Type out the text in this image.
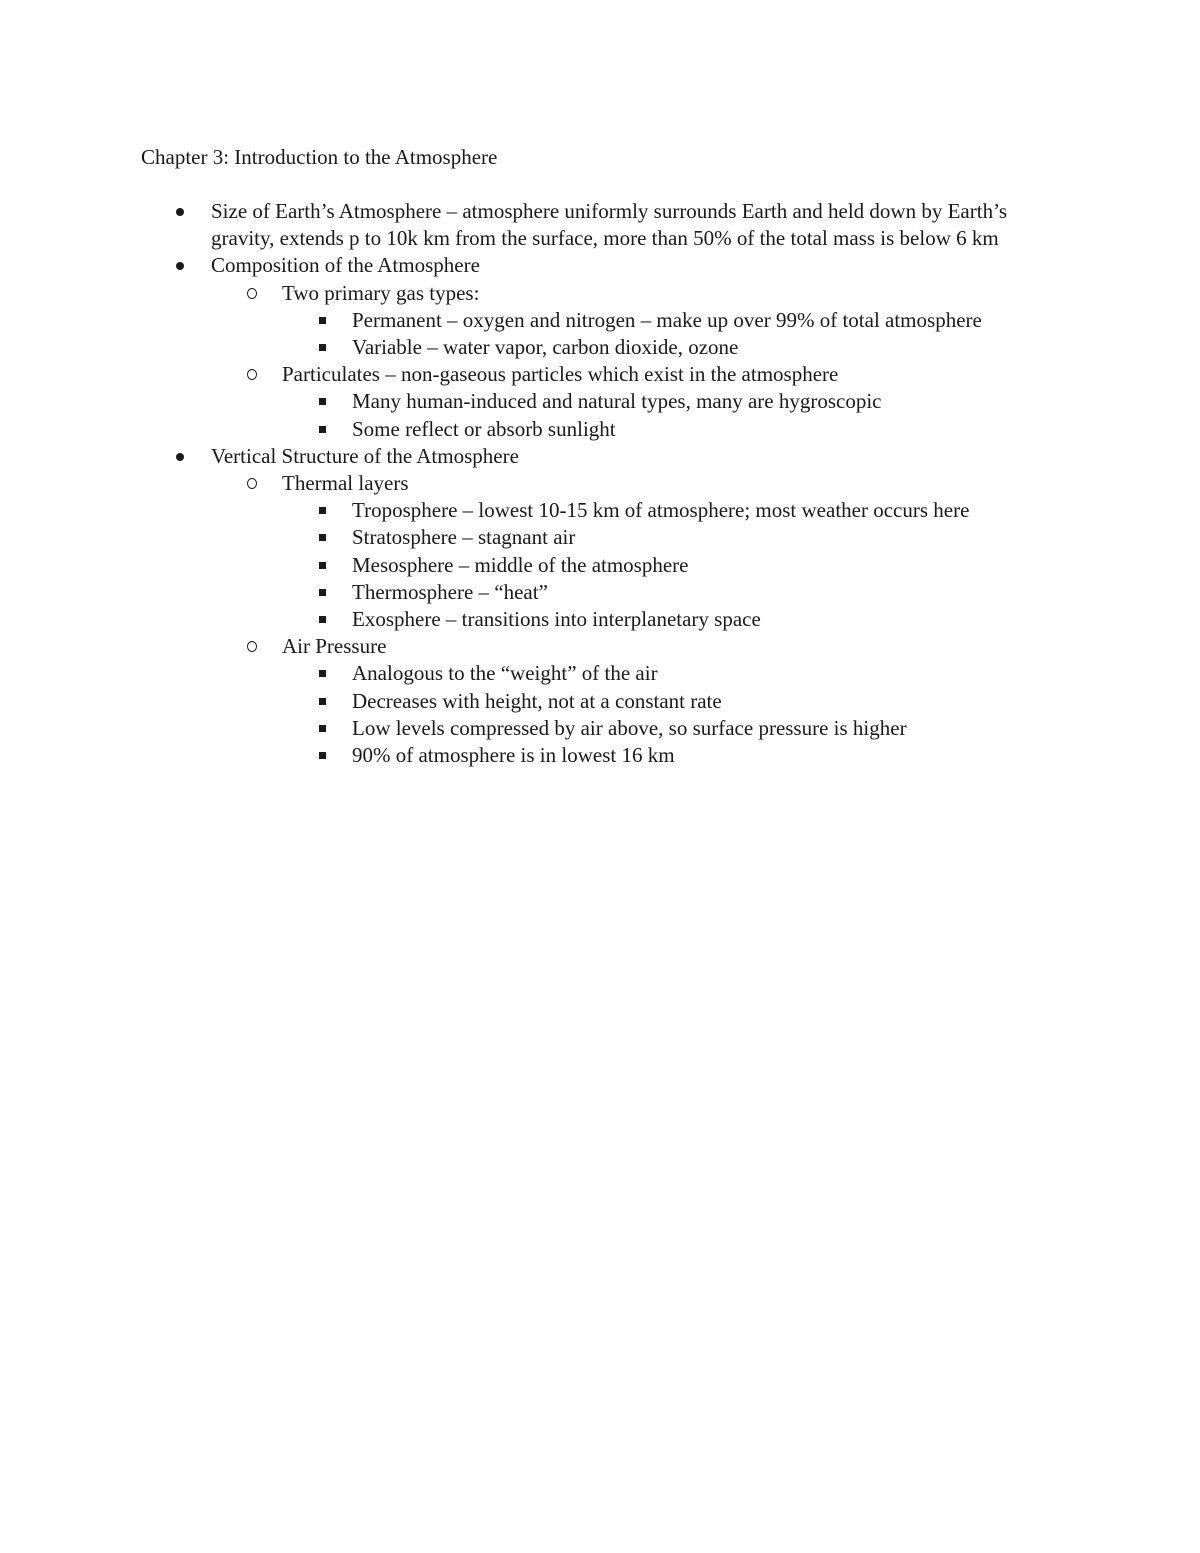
Chapter 3: Introduction to the Atmosphere
Size of Earth’s Atmosphere – atmosphere uniformly surrounds Earth and held down by Earth’s gravity, extends p to 10k km from the surface, more than 50% of the total mass is below 6 km
Composition of the Atmosphere
Two primary gas types:
Permanent – oxygen and nitrogen – make up over 99% of total atmosphere
Variable – water vapor, carbon dioxide, ozone
Particulates – non-gaseous particles which exist in the atmosphere
Many human-induced and natural types, many are hygroscopic
Some reflect or absorb sunlight
Vertical Structure of the Atmosphere
Thermal layers
Troposphere – lowest 10-15 km of atmosphere; most weather occurs here
Stratosphere – stagnant air
Mesosphere – middle of the atmosphere
Thermosphere – “heat”
Exosphere – transitions into interplanetary space
Air Pressure
Analogous to the “weight” of the air
Decreases with height, not at a constant rate
Low levels compressed by air above, so surface pressure is higher
90% of atmosphere is in lowest 16 km
